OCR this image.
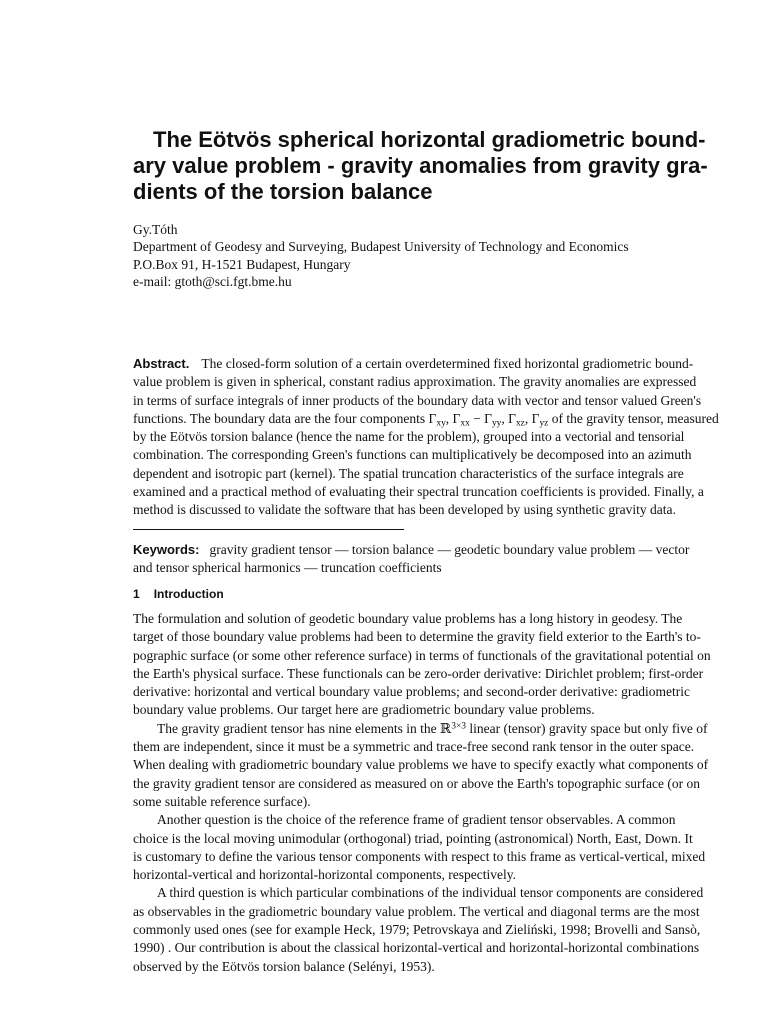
The Eötvös spherical horizontal gradiometric bound-
ary value problem - gravity anomalies from gravity gra-
dients of the torsion balance
Gy.Tóth
Department of Geodesy and Surveying, Budapest University of Technology and Economics
P.O.Box 91, H-1521 Budapest, Hungary
e-mail: gtoth@sci.fgt.bme.hu
Abstract. The closed-form solution of a certain overdetermined fixed horizontal gradiometric bound-
value problem is given in spherical, constant radius approximation. The gravity anomalies are expressed
in terms of surface integrals of inner products of the boundary data with vector and tensor valued Green's
functions. The boundary data are the four components $\Gamma_{xy}$, $\Gamma_{xx} - \Gamma_{yy}$, $\Gamma_{xz}$, $\Gamma_{yz}$ of the gravity tensor, measured
by the Eötvös torsion balance (hence the name for the problem), grouped into a vectorial and tensorial
combination. The corresponding Green's functions can multiplicatively be decomposed into an azimuth
dependent and isotropic part (kernel). The spatial truncation characteristics of the surface integrals are
examined and a practical method of evaluating their spectral truncation coefficients is provided. Finally, a
method is discussed to validate the software that has been developed by using synthetic gravity data.
Keywords: gravity gradient tensor — torsion balance — geodetic boundary value problem — vector
and tensor spherical harmonics — truncation coefficients
1 Introduction
The formulation and solution of geodetic boundary value problems has a long history in geodesy. The
target of those boundary value problems had been to determine the gravity field exterior to the Earth's to-
pographic surface (or some other reference surface) in terms of functionals of the gravitational potential on
the Earth's physical surface. These functionals can be zero-order derivative: Dirichlet problem; first-order
derivative: horizontal and vertical boundary value problems; and second-order derivative: gradiometric
boundary value problems. Our target here are gradiometric boundary value problems.
The gravity gradient tensor has nine elements in the ℝ$^{3\times 3}$ linear (tensor) gravity space but only five of
them are independent, since it must be a symmetric and trace-free second rank tensor in the outer space.
When dealing with gradiometric boundary value problems we have to specify exactly what components of
the gravity gradient tensor are considered as measured on or above the Earth's topographic surface (or on
some suitable reference surface).
Another question is the choice of the reference frame of gradient tensor observables. A common
choice is the local moving unimodular (orthogonal) triad, pointing (astronomical) North, East, Down. It
is customary to define the various tensor components with respect to this frame as vertical-vertical, mixed
horizontal-vertical and horizontal-horizontal components, respectively.
A third question is which particular combinations of the individual tensor components are considered
as observables in the gradiometric boundary value problem. The vertical and diagonal terms are the most
commonly used ones (see for example Heck, 1979; Petrovskaya and Zieliński, 1998; Brovelli and Sansò,
1990) . Our contribution is about the classical horizontal-vertical and horizontal-horizontal combinations
observed by the Eötvös torsion balance (Selényi, 1953).
